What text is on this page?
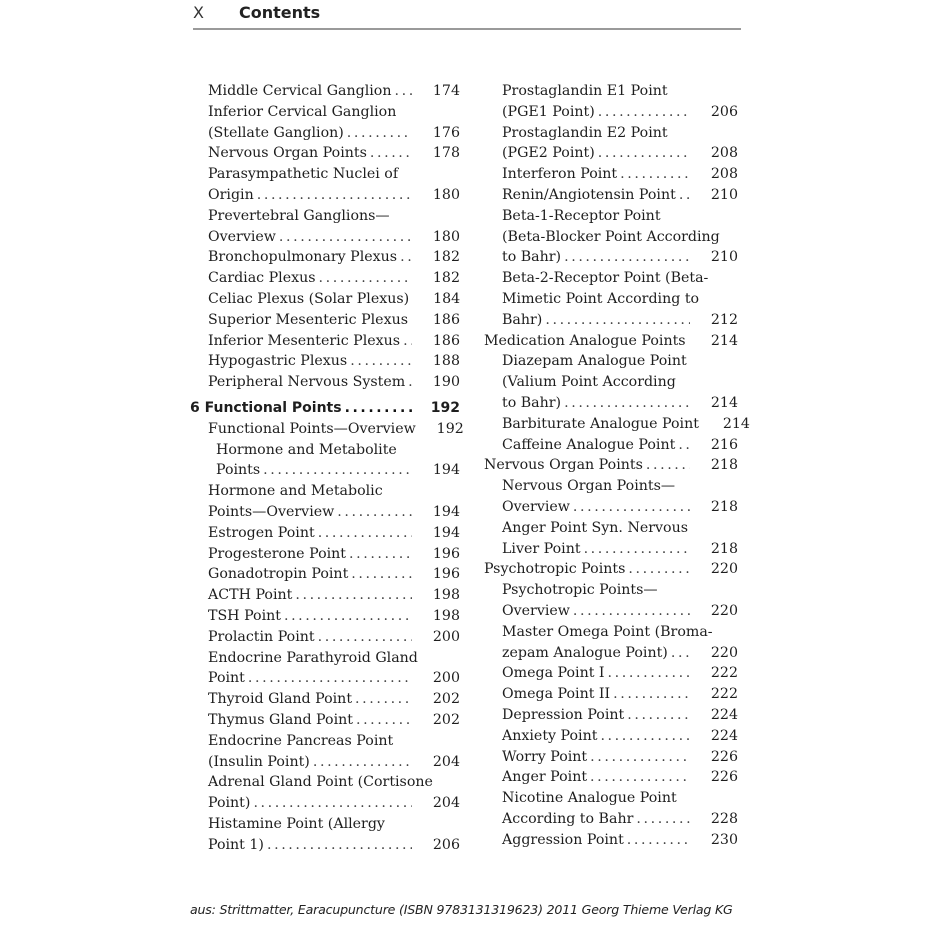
X Contents
Middle Cervical Ganglion .....	174
Inferior Cervical Ganglion
(Stellate Ganglion) .....	176
Nervous Organ Points .....	178
Parasympathetic Nuclei of
Origin .....	180
Prevertebral Ganglions—
Overview .....	180
Bronchopulmonary Plexus .....	182
Cardiac Plexus .....	182
Celiac Plexus (Solar Plexus)	184
Superior Mesenteric Plexus .....	186
Inferior Mesenteric Plexus .....	186
Hypogastric Plexus .....	188
Peripheral Nervous System .....	190
6 Functional Points .....	192
Functional Points—Overview	192
Hormone and Metabolite
Points .....	194
Hormone and Metabolic
Points—Overview .....	194
Estrogen Point .....	194
Progesterone Point .....	196
Gonadotropin Point .....	196
ACTH Point .....	198
TSH Point .....	198
Prolactin Point .....	200
Endocrine Parathyroid Gland
Point .....	200
Thyroid Gland Point .....	202
Thymus Gland Point .....	202
Endocrine Pancreas Point
(Insulin Point) .....	204
Adrenal Gland Point (Cortisone
Point) .....	204
Histamine Point (Allergy
Point 1) .....	206
Prostaglandin E1 Point
(PGE1 Point) .....	206
Prostaglandin E2 Point
(PGE2 Point) .....	208
Interferon Point .....	208
Renin/Angiotensin Point .....	210
Beta-1-Receptor Point
(Beta-Blocker Point According
to Bahr) .....	210
Beta-2-Receptor Point (Beta-
Mimetic Point According to
Bahr) .....	212
Medication Analogue Points .....	214
Diazepam Analogue Point
(Valium Point According
to Bahr) .....	214
Barbiturate Analogue Point	214
Caffeine Analogue Point .....	216
Nervous Organ Points .....	218
Nervous Organ Points—
Overview .....	218
Anger Point Syn. Nervous
Liver Point .....	218
Psychotropic Points .....	220
Psychotropic Points—
Overview .....	220
Master Omega Point (Broma-
zepam Analogue Point) .....	220
Omega Point I .....	222
Omega Point II .....	222
Depression Point .....	224
Anxiety Point .....	224
Worry Point .....	226
Anger Point .....	226
Nicotine Analogue Point
According to Bahr .....	228
Aggression Point .....	230
aus: Strittmatter, Earacupuncture (ISBN 9783131319623) 2011 Georg Thieme Verlag KG
